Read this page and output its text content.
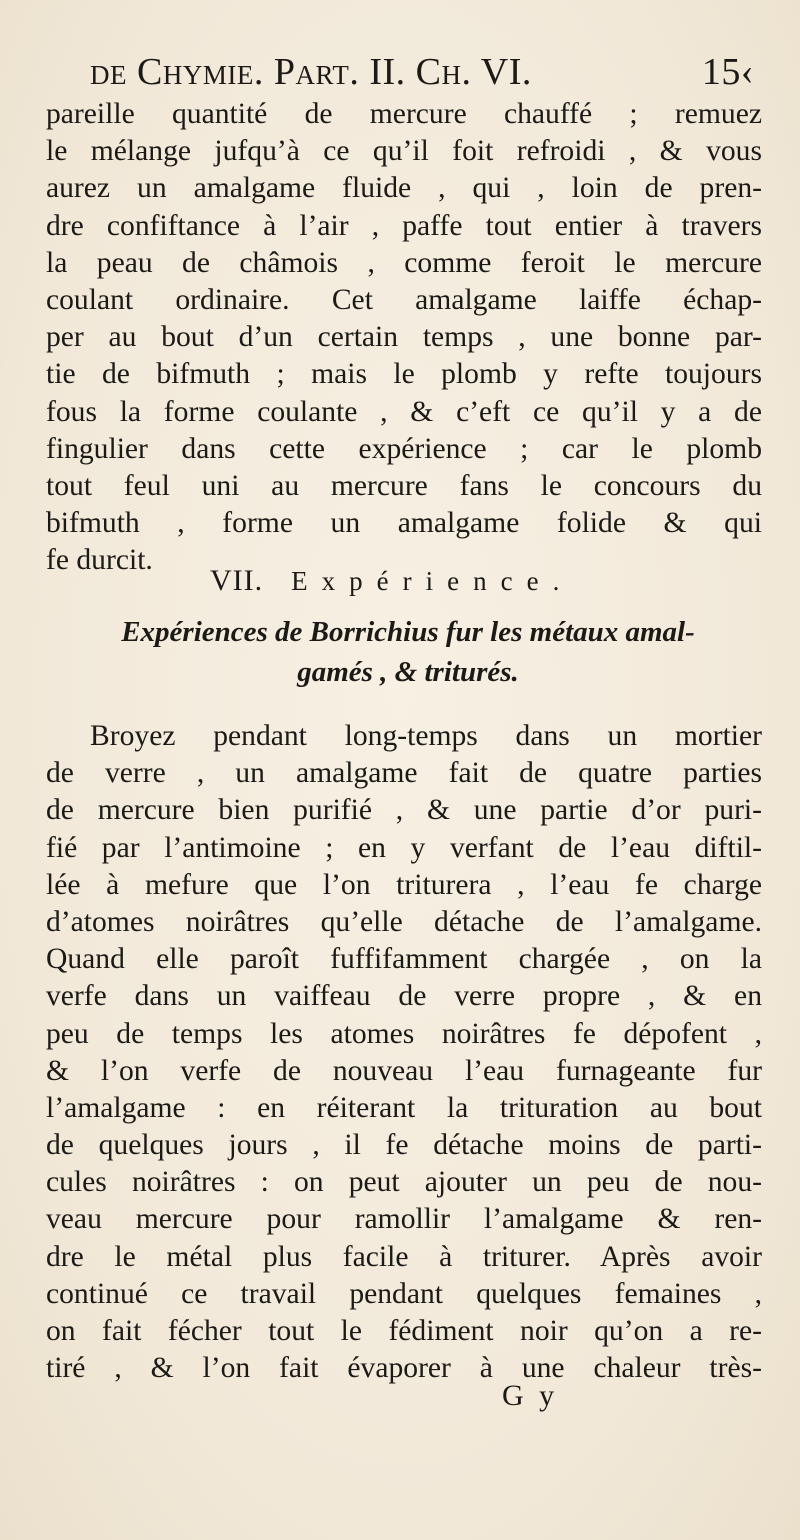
de Chymie. Part. II. Ch. VI.	15‹
pareille quantité de mercure chauffé ; remuez
le mélange jufqu’à ce qu’il foit refroidi , & vous
aurez un amalgame fluide , qui , loin de pren-
dre confiftance à l’air , paffe tout entier à travers
la peau de châmois , comme feroit le mercure
coulant ordinaire. Cet amalgame laiffe échap-
per au bout d’un certain temps , une bonne par-
tie de bifmuth ; mais le plomb y refte toujours
fous la forme coulante , & c’eft ce qu’il y a de
fingulier dans cette expérience ; car le plomb
tout feul uni au mercure fans le concours du
bifmuth , forme un amalgame folide & qui
fe durcit.
VII. Expérience.
Expériences de Borrichius fur les métaux amal-
gamés , & triturés.
Broyez pendant long-temps dans un mortier
de verre , un amalgame fait de quatre parties
de mercure bien purifié , & une partie d’or puri-
fié par l’antimoine ; en y verfant de l’eau diftil-
lée à mefure que l’on triturera , l’eau fe charge
d’atomes noirâtres qu’elle détache de l’amalgame.
Quand elle paroît fuffifamment chargée , on la
verfe dans un vaiffeau de verre propre , & en
peu de temps les atomes noirâtres fe dépofent ,
& l’on verfe de nouveau l’eau furnageante fur
l’amalgame : en réiterant la trituration au bout
de quelques jours , il fe détache moins de parti-
cules noirâtres : on peut ajouter un peu de nou-
veau mercure pour ramollir l’amalgame & ren-
dre le métal plus facile à triturer. Après avoir
continué ce travail pendant quelques femaines ,
on fait fécher tout le fédiment noir qu’on a re-
tiré , & l’on fait évaporer à une chaleur très-
G y
